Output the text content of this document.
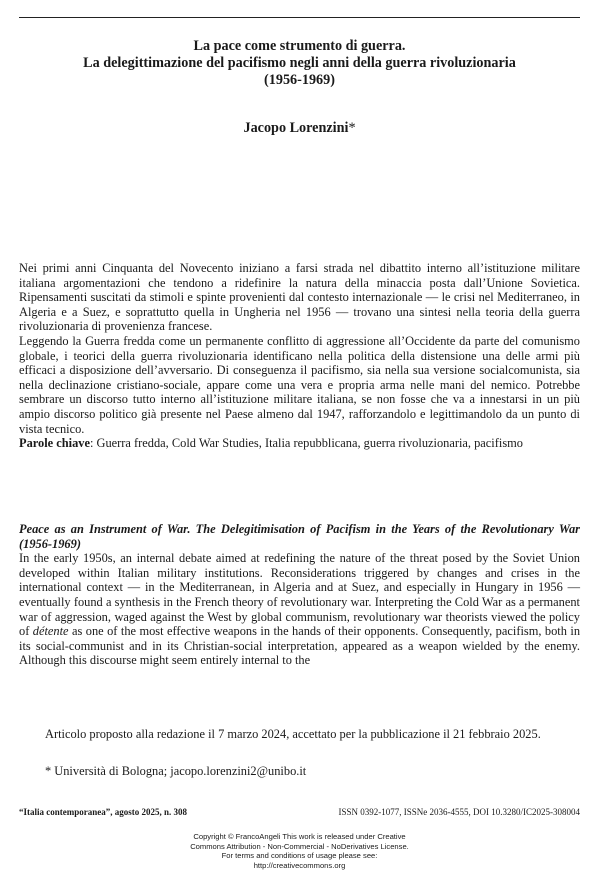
La pace come strumento di guerra.
La delegittimazione del pacifismo negli anni della guerra rivoluzionaria
(1956-1969)
Jacopo Lorenzini*

Nei primi anni Cinquanta del Novecento iniziano a farsi strada nel dibattito interno all’istituzione militare italiana argomentazioni che tendono a ridefinire la natura della minaccia posta dall’Unione Sovietica. Ripensamenti suscitati da stimoli e spinte provenienti dal contesto internazionale — le crisi nel Mediterraneo, in Algeria e a Suez, e soprattutto quella in Ungheria nel 1956 — trovano una sintesi nella teoria della guerra rivoluzionaria di provenienza francese.

Leggendo la Guerra fredda come un permanente conflitto di aggressione all’Occidente da parte del comunismo globale, i teorici della guerra rivoluzionaria identificano nella politica della distensione una delle armi più efficaci a disposizione dell’avversario. Di conseguenza il pacifismo, sia nella sua versione socialcomunista, sia nella declinazione cristiano-sociale, appare come una vera e propria arma nelle mani del nemico. Potrebbe sembrare un discorso tutto interno all’istituzione militare italiana, se non fosse che va a innestarsi in un più ampio discorso politico già presente nel Paese almeno dal 1947, rafforzandolo e legittimandolo da un punto di vista tecnico.

Parole chiave: Guerra fredda, Cold War Studies, Italia repubblicana, guerra rivoluzionaria, pacifismo

Peace as an Instrument of War. The Delegitimisation of Pacifism in the Years of the Revolutionary War (1956-1969)

In the early 1950s, an internal debate aimed at redefining the nature of the threat posed by the Soviet Union developed within Italian military institutions. Reconsiderations triggered by changes and crises in the international context — in the Mediterranean, in Algeria and at Suez, and especially in Hungary in 1956 — eventually found a synthesis in the French theory of revolutionary war. Interpreting the Cold War as a permanent war of aggression, waged against the West by global communism, revolutionary war theorists viewed the policy of détente as one of the most effective weapons in the hands of their opponents. Consequently, pacifism, both in its social-communist and in its Christian-social interpretation, appeared as a weapon wielded by the enemy. Although this discourse might seem entirely internal to the

Articolo proposto alla redazione il 7 marzo 2024, accettato per la pubblicazione il 21 febbraio 2025.
* Università di Bologna; jacopo.lorenzini2@unibo.it
“Italia contemporanea”, agosto 2025, n. 308	ISSN 0392-1077, ISSNe 2036-4555, DOI 10.3280/IC2025-308004
Copyright © FrancoAngeli This work is released under Creative
Commons Attribution - Non-Commercial - NoDerivatives License.
For terms and conditions of usage please see:
http://creativecommons.org
